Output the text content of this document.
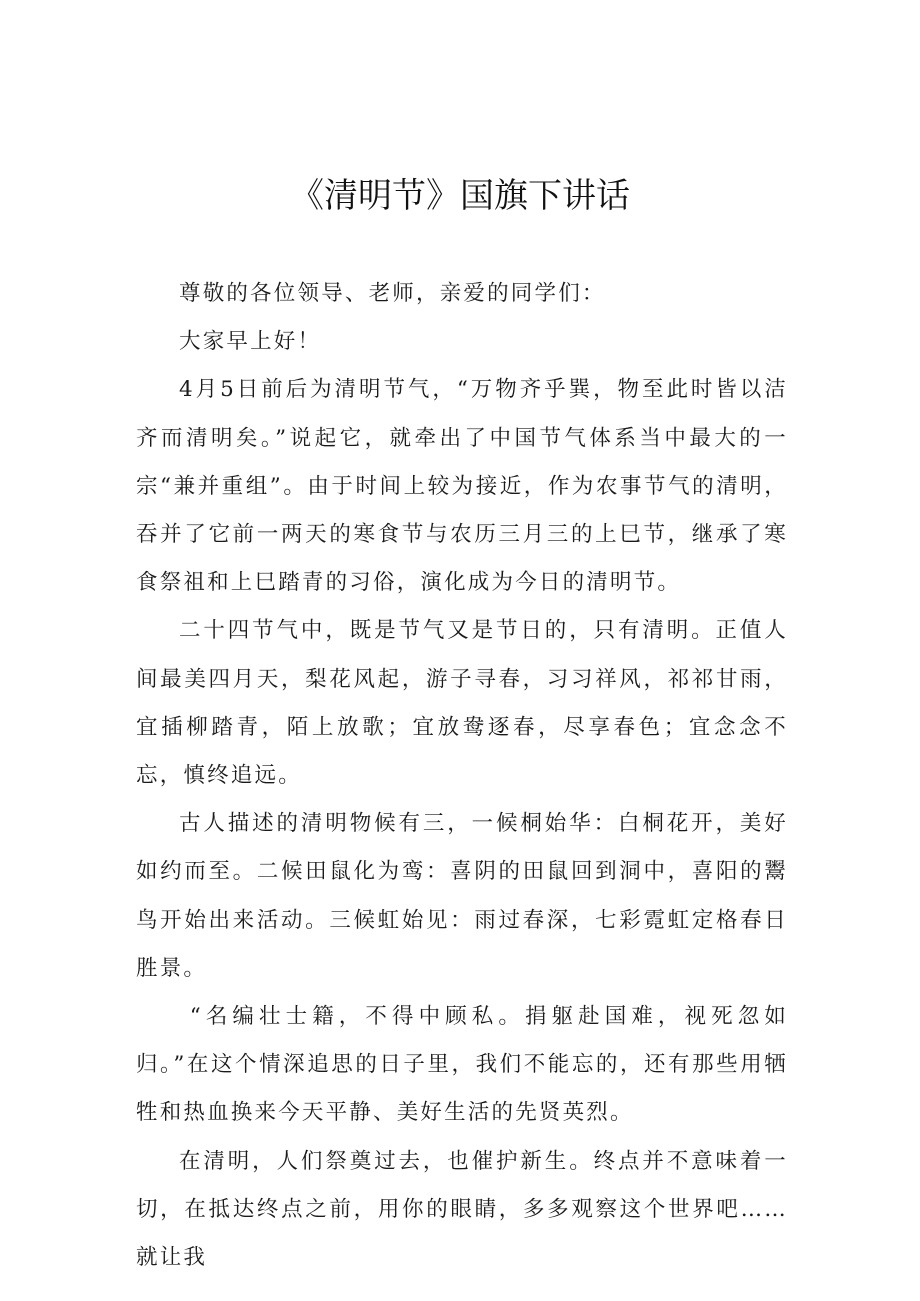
《清明节》国旗下讲话

尊敬的各位领导、老师，亲爱的同学们：

大家早上好！

4月5日前后为清明节气，“万物齐乎巽，物至此时皆以洁齐而清明矣。”说起它，就牵出了中国节气体系当中最大的一宗“兼并重组”。由于时间上较为接近，作为农事节气的清明，吞并了它前一两天的寒食节与农历三月三的上巳节，继承了寒食祭祖和上巳踏青的习俗，演化成为今日的清明节。

二十四节气中，既是节气又是节日的，只有清明。正值人间最美四月天，梨花风起，游子寻春，习习祥风，祁祁甘雨，宜插柳踏青，陌上放歌；宜放鸯逐春，尽享春色；宜念念不忘，慎终追远。

古人描述的清明物候有三，一候桐始华：白桐花开，美好如约而至。二候田鼠化为鸾：喜阴的田鼠回到洞中，喜阳的鬻鸟开始出来活动。三候虹始见：雨过春深，七彩霓虹定格春日胜景。

“名编壮士籍，不得中顾私。捐躯赴国难，视死忽如归。”在这个情深追思的日子里，我们不能忘的，还有那些用牺牲和热血换来今天平静、美好生活的先贤英烈。

在清明，人们祭奠过去，也催护新生。终点并不意味着一切，在抵达终点之前，用你的眼睛，多多观察这个世界吧……就让我
